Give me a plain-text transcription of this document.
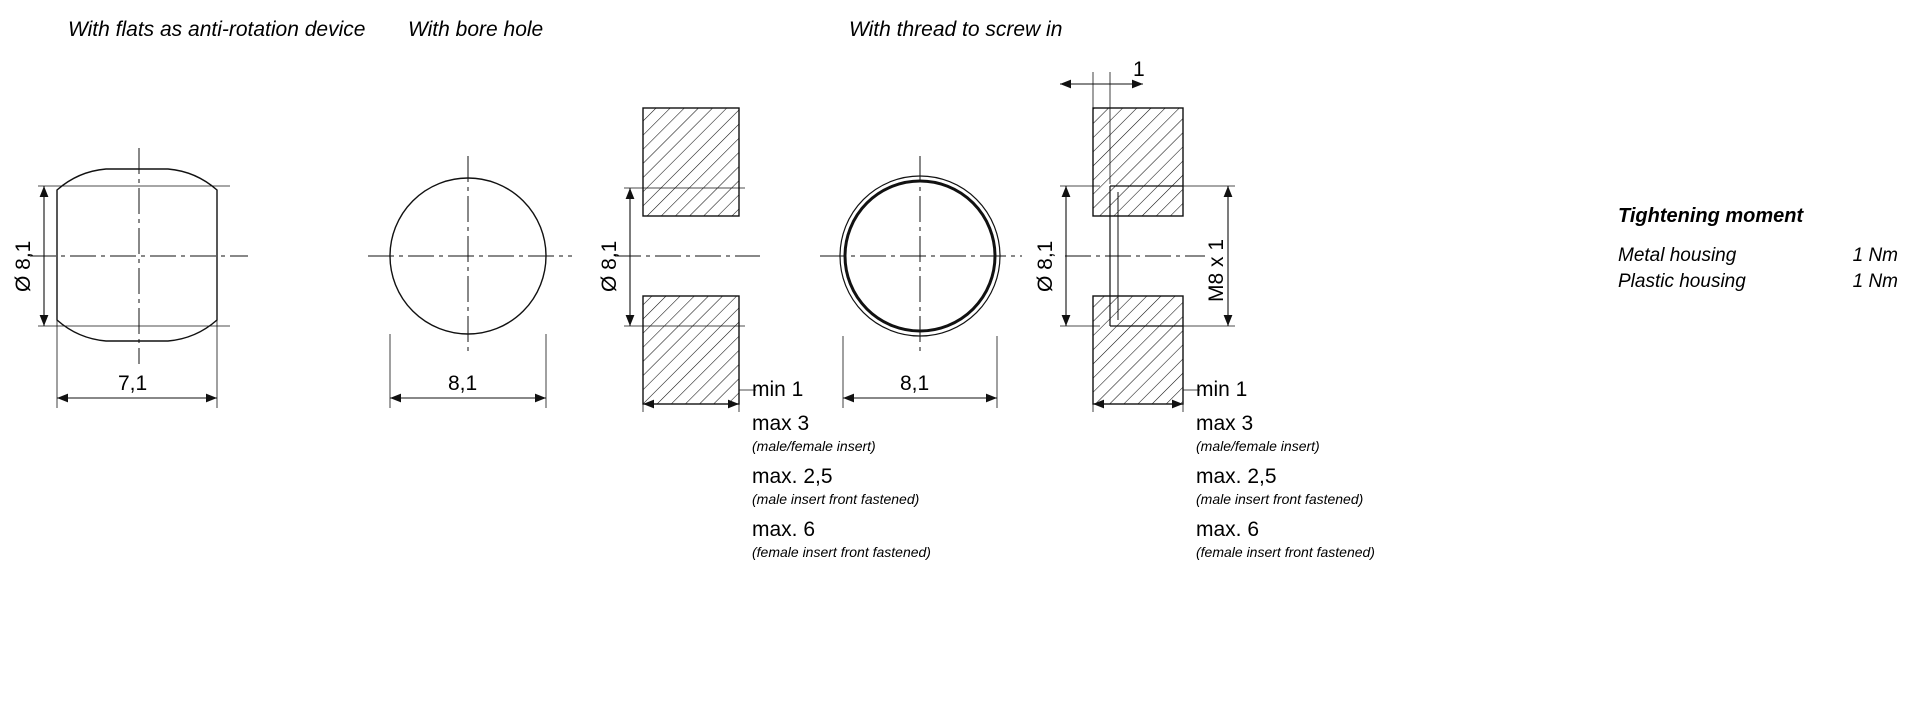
With flats as anti-rotation device With bore hole	With thread to screw in
Ø 8,1
7,1	8,1
Ø 8,1
min 1
max 3
(male/female insert)
max. 2,5
(male insert front fastened)
max. 6
(female insert front fastened)
8,1
1
Ø 8,1	M8 x 1
min 1
max 3
(male/female insert)
max. 2,5
(male insert front fastened)
max. 6
(female insert front fastened)
Tightening moment
Metal housing	1 Nm
Plastic housing	1 Nm
